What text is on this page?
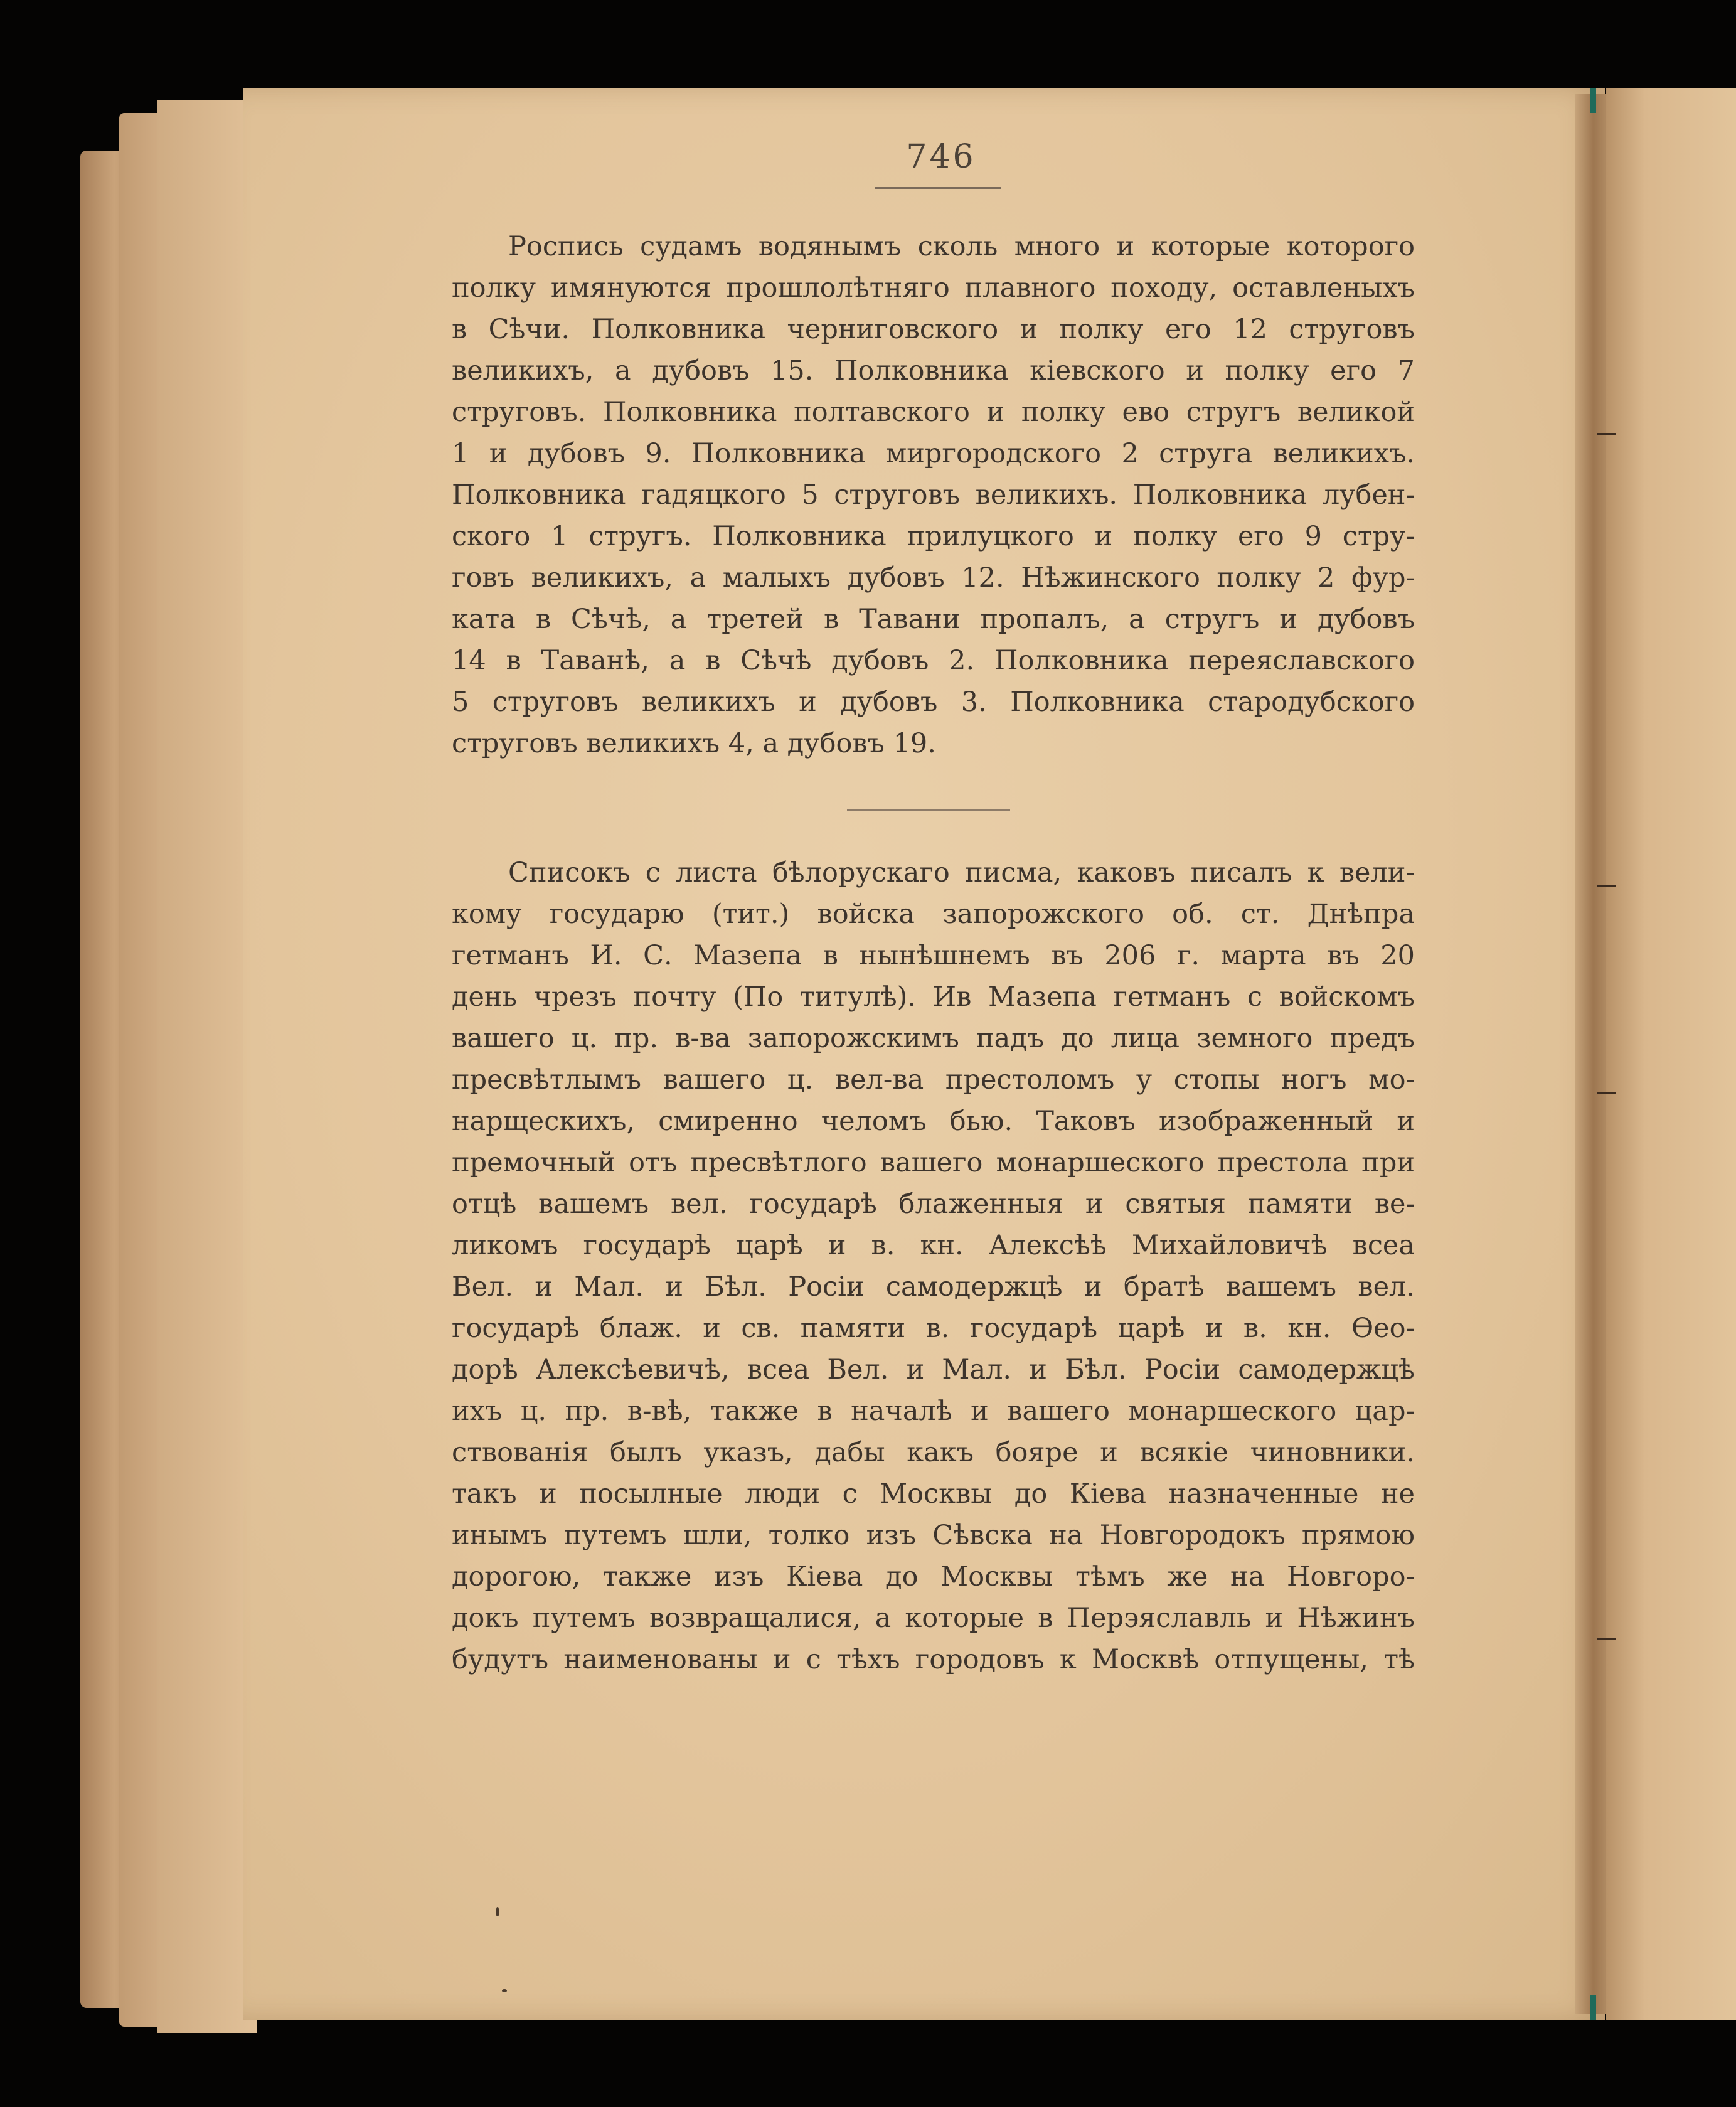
746

Роспись судамъ водянымъ сколь много и которые которого
полку имянуются прошлолѣтняго плавного походу, оставленыхъ
в Сѣчи. Полковника черниговского и полку его 12 струговъ
великихъ, а дубовъ 15. Полковника кіевского и полку его 7
струговъ. Полковника полтавского и полку ево стругъ великой
1 и дубовъ 9. Полковника миргородского 2 струга великихъ.
Полковника гадяцкого 5 струговъ великихъ. Полковника лубен-
ского 1 стругъ. Полковника прилуцкого и полку его 9 стру-
говъ великихъ, а малыхъ дубовъ 12. Нѣжинского полку 2 фур-
ката в Сѣчѣ, а третей в Тавани пропалъ, а стругъ и дубовъ
14 в Таванѣ, а в Сѣчѣ дубовъ 2. Полковника переяславского
5 струговъ великихъ и дубовъ 3. Полковника стародубского
струговъ великихъ 4, а дубовъ 19.

Списокъ с листа бѣлорускаго писма, каковъ писалъ к вели-
кому государю (тит.) войска запорожского об. ст. Днѣпра
гетманъ И. С. Мазепа в нынѣшнемъ въ 206 г. марта въ 20
день чрезъ почту (По титулѣ). Ив Мазепа гетманъ с войскомъ
вашего ц. пр. в-ва запорожскимъ падъ до лица земного предъ
пресвѣтлымъ вашего ц. вел-ва престоломъ у стопы ногъ мо-
нарщескихъ, смиренно челомъ бью. Таковъ изображенный и
премочный отъ пресвѣтлого вашего монаршеского престола при
отцѣ вашемъ вел. государѣ блаженныя и святыя памяти ве-
ликомъ государѣ царѣ и в. кн. Алексѣѣ Михайловичѣ всеа
Вел. и Мал. и Бѣл. Росіи самодержцѣ и братѣ вашемъ вел.
государѣ блаж. и св. памяти в. государѣ царѣ и в. кн. Өео-
дорѣ Алексѣевичѣ, всеа Вел. и Мал. и Бѣл. Росіи самодержцѣ
ихъ ц. пр. в-вѣ, также в началѣ и вашего монаршеского цар-
ствованія былъ указъ, дабы какъ бояре и всякіе чиновники.
такъ и посылные люди с Москвы до Кіева назначенные не
инымъ путемъ шли, толко изъ Сѣвска на Новгородокъ прямою
дорогою, также изъ Кіева до Москвы тѣмъ же на Новгоро-
докъ путемъ возвращалися, а которые в Перэяславль и Нѣжинъ
будутъ наименованы и с тѣхъ городовъ к Москвѣ отпущены, тѣ
